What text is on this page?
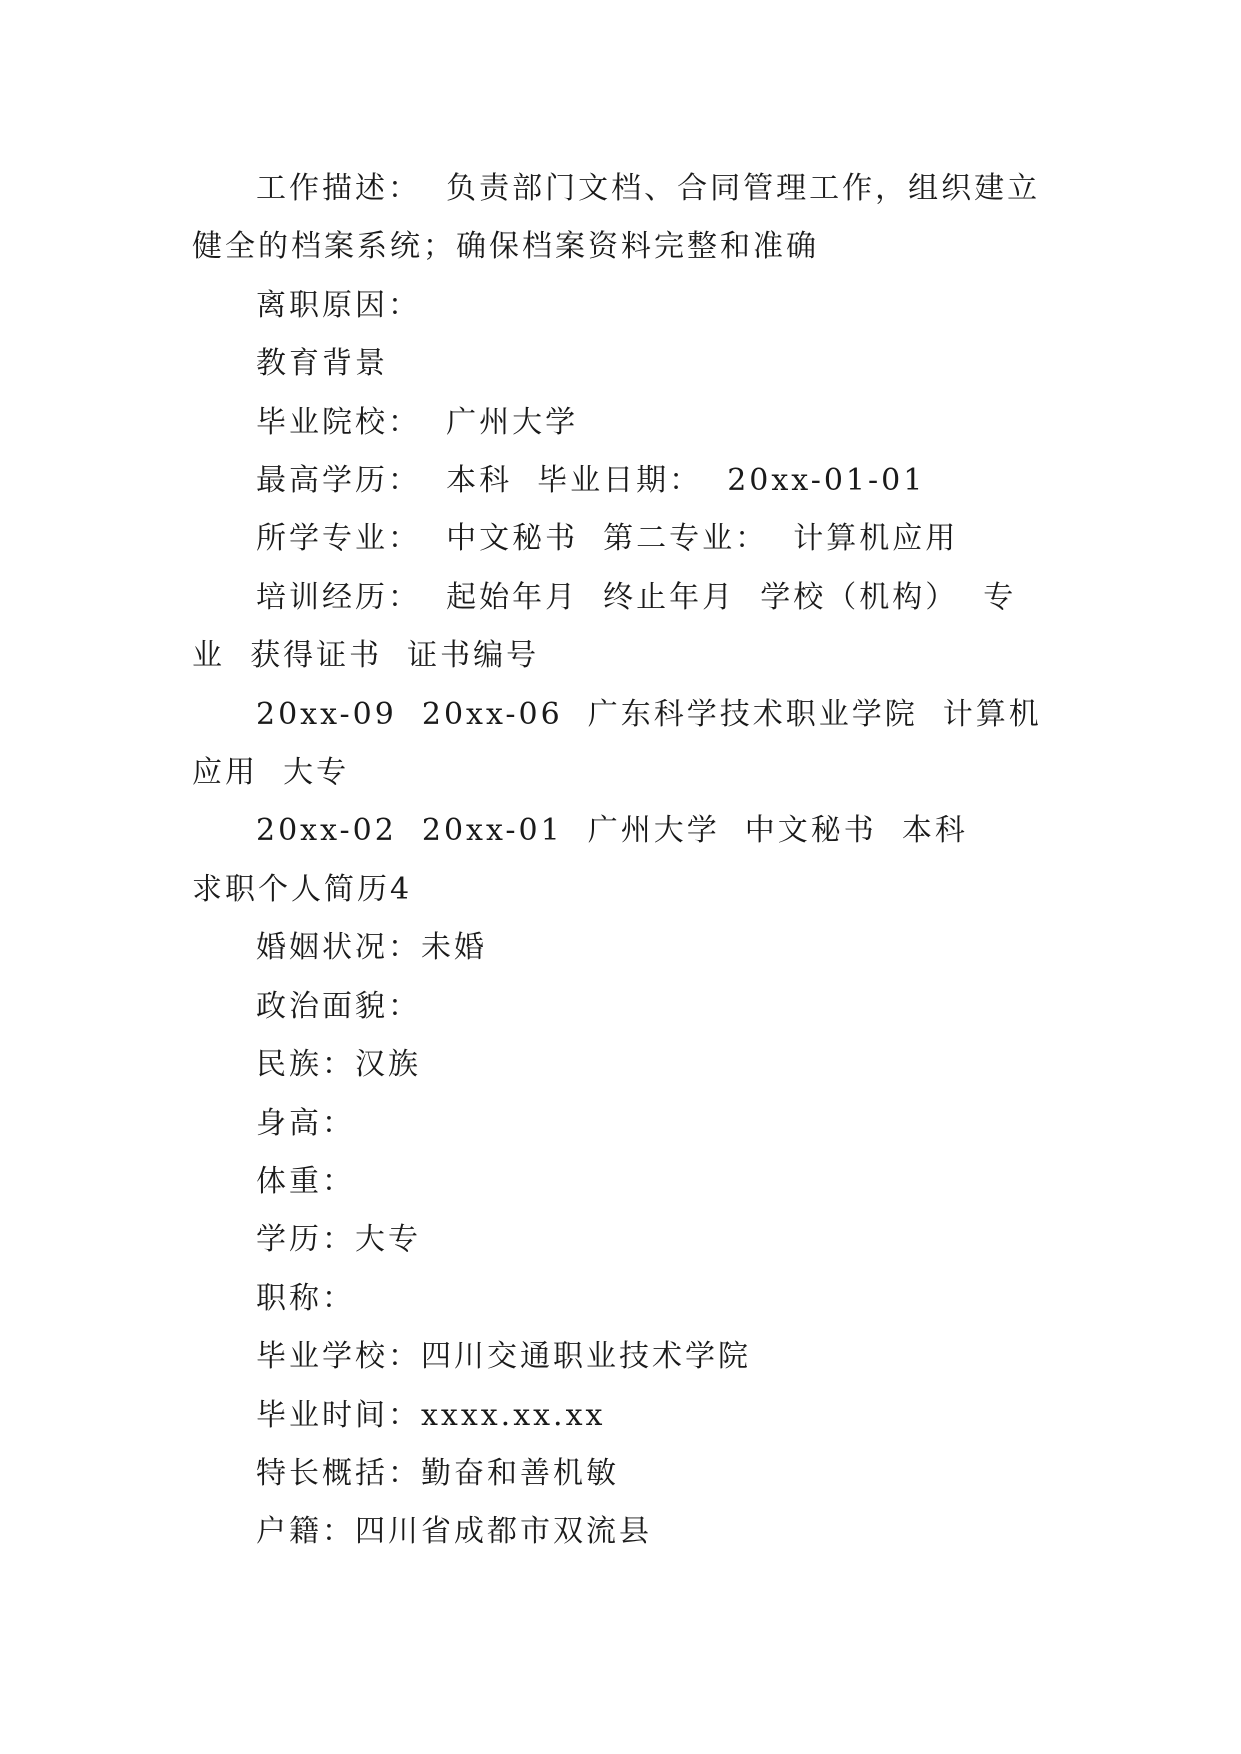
工作描述：  负责部门文档、合同管理工作，组织建立健全的档案系统；确保档案资料完整和准确

离职原因：

教育背景

毕业院校：  广州大学

最高学历：  本科  毕业日期：  20xx-01-01

所学专业：  中文秘书  第二专业：  计算机应用

培训经历：  起始年月  终止年月  学校（机构）  专 业  获得证书  证书编号

20xx-09  20xx-06  广东科学技术职业学院  计算机应用  大专

20xx-02  20xx-01  广州大学  中文秘书  本科

求职个人简历4

婚姻状况：未婚

政治面貌：

民族：汉族

身高：

体重：

学历：大专

职称：

毕业学校：四川交通职业技术学院

毕业时间：xxxx.xx.xx

特长概括：勤奋和善机敏

户籍：四川省成都市双流县
